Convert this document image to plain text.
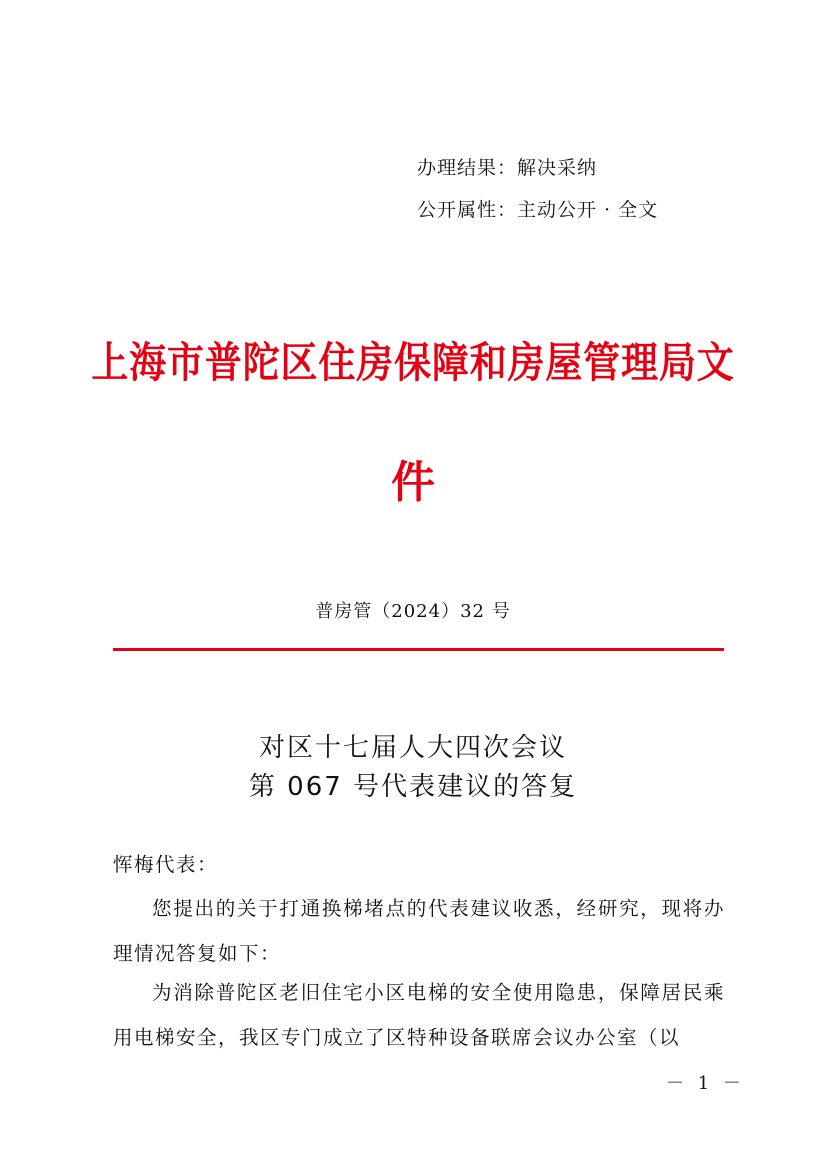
办理结果：解决采纳
公开属性：主动公开 · 全文
上海市普陀区住房保障和房屋管理局文
件
普房管（2024）32 号
对区十七届人大四次会议
第 067 号代表建议的答复
恽梅代表：

您提出的关于打通换梯堵点的代表建议收悉，经研究，现将办理情况答复如下：

为消除普陀区老旧住宅小区电梯的安全使用隐患，保障居民乘用电梯安全，我区专门成立了区特种设备联席会议办公室（以

－ 1 －
